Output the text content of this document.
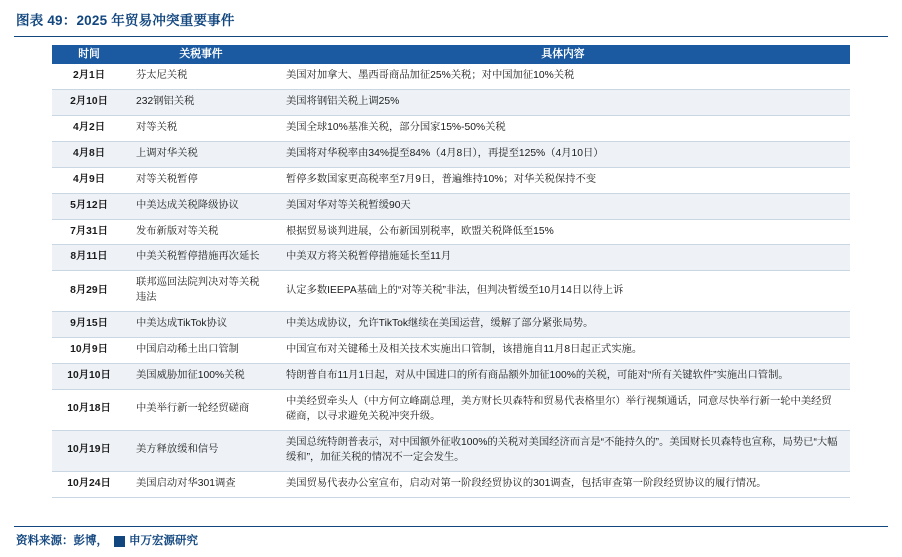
图表 49：2025 年贸易冲突重要事件
时间	关税事件	具体内容
2月1日	芬太尼关税	美国对加拿大、墨西哥商品加征25%关税；对中国加征10%关税
2月10日	232钢铝关税	美国将钢铝关税上调25%
4月2日	对等关税	美国全球10%基准关税，部分国家15%-50%关税
4月8日	上调对华关税	美国将对华税率由34%提至84%（4月8日），再提至125%（4月10日）
4月9日	对等关税暂停	暂停多数国家更高税率至7月9日，普遍维持10%；对华关税保持不变
5月12日	中美达成关税降级协议	美国对华对等关税暂缓90天
7月31日	发布新版对等关税	根据贸易谈判进展，公布新国别税率，欧盟关税降低至15%
8月11日	中美关税暂停措施再次延长	中美双方将关税暂停措施延长至11月
8月29日	联邦巡回法院判决对等关税违法	认定多数IEEPA基础上的“对等关税”非法，但判决暂缓至10月14日以待上诉
9月15日	中美达成TikTok协议	中美达成协议，允许TikTok继续在美国运营，缓解了部分紧张局势。
10月9日	中国启动稀土出口管制	中国宣布对关键稀土及相关技术实施出口管制，该措施自11月8日起正式实施。
10月10日	美国威胁加征100%关税	特朗普自布11月1日起，对从中国进口的所有商品额外加征100%的关税，可能对“所有关键软件”实施出口管制。
10月18日	中美举行新一轮经贸磋商	中美经贸牵头人（中方何立峰副总理，美方财长贝森特和贸易代表格里尔）举行视频通话，同意尽快举行新一轮中美经贸磋商，以寻求避免关税冲突升级。
10月19日	美方释放缓和信号	美国总统特朗普表示，对中国额外征收100%的关税对美国经济而言是“不能持久的”。美国财长贝森特也宣称，局势已“大幅缓和”，加征关税的情况不一定会发生。
10月24日	美国启动对华301调查	美国贸易代表办公室宣布，启动对第一阶段经贸协议的301调查，包括审查第一阶段经贸协议的履行情况。
资料来源：彭博， 申万宏源研究
